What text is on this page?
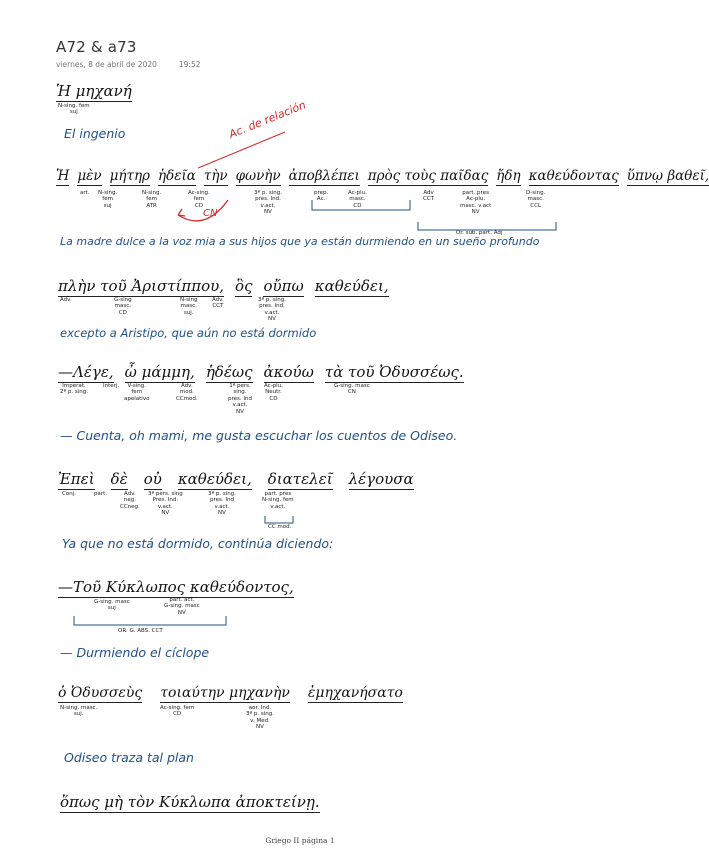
A72 & a73
viernes, 8 de abril de 2020	19:52
Ἡ μηχανή
N-sing. fem
suj
El ingenio	Ac. de relación
Ἡ μὲν μήτηρ ἡδεῖα τὴν φωνὴν ἀποβλέπει πρὸς τοὺς παῖδας ἤδη καθεύδοντας ὕπνῳ βαθεῖ,
art. N-sing.
fem
suj
N-sing.
fem
ATR
Ac-sing.
fem
CD
CN
3ª p. sing.
pres. Ind.
v.act.
NV
prep.
Ac.
Ac-plu.
masc.
CD
Adv
CCT
part. pres
Ac-plu.
masc. v.act
NV
D-sing.
masc.
CCL
Or. sub. part. Adj
La madre dulce a la voz mia a sus hijos que ya están durmiendo en un sueño profundo
πλὴν τοῦ Ἀριστίππου, ὃς οὔπω καθεύδει,
Adv.	G-sing
masc.
CD
N-sing
masc.
suj.
Adv.
CCT
3ª p. sing.
pres. Ind.
v.act.
NV
excepto a Aristipo, que aún no está dormido
—Λέγε, ὦ μάμμη, ἡδέως ἀκούω τὰ τοῦ Ὀδυσσέως.
Imperat.
2ª p. sing.
Interj.	V-sing.
fem
apelativo
Adv.
mod.
CCmod.
1ª pers.
sing.
pres. Ind
v.act.
NV
Ac-plu.
Neutr.
CD
G-sing. masc
CN
— Cuenta, oh mami, me gusta escuchar los cuentos de Odiseo.
Ἐπεὶ δὲ οὐ καθεύδει, διατελεῖ λέγουσα
Conj.	part.	Adv.
neg.
CCneg.
3ª pers. sing
Pres. Ind.
v.act.
NV
3ª p. sing.
pres. Ind
v.act.
NV
part. pres
N-sing. fem
v.act.
CC mod.
Ya que no está dormido, continúa diciendo:
—Τοῦ Κύκλωπος καθεύδοντος,
G-sing. masc
suj
part. act.
G-sing. masc
NV
OR. G. ABS. CCT
— Durmiendo el cíclope
ὁ Ὀδυσσεὺς τοιαύτην μηχανὴν ἐμηχανήσατο
N-sing. masc.
suj.
Ac-sing. fem
CD
aor. Ind.
3ª p. sing.
v. Med.
NV
Odiseo traza tal plan
ὅπως μὴ τὸν Κύκλωπα ἀποκτείνῃ.
Griego II página 1
